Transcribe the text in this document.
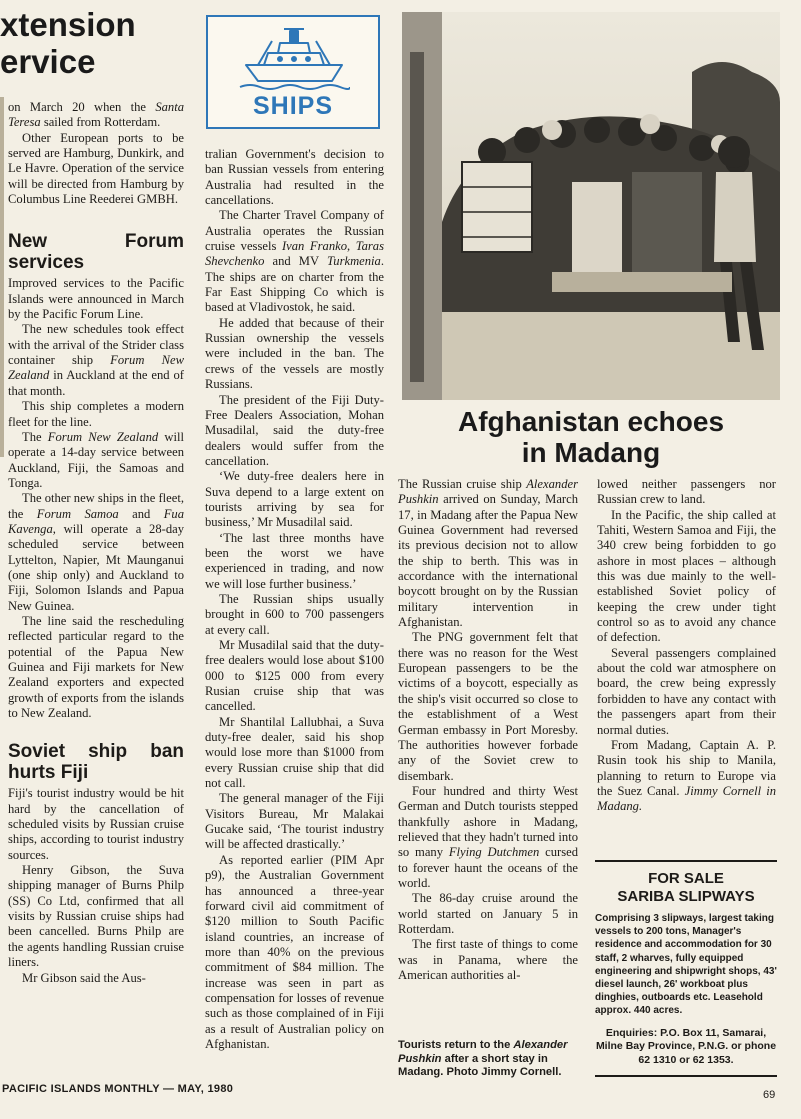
xtension
ervice
SHIPS
Afghanistan echoes
in Madang

on March 20 when the Santa Teresa sailed from Rotterdam.

Other European ports to be served are Hamburg, Dunkirk, and Le Havre. Operation of the service will be directed from Hamburg by Columbus Line Reederei GMBH.

New Forum services

Improved services to the Pacific Islands were announced in March by the Pacific Forum Line.

The new schedules took effect with the arrival of the Strider class container ship Forum New Zealand in Auckland at the end of that month.

This ship completes a modern fleet for the line.

The Forum New Zealand will operate a 14-day service between Auckland, Fiji, the Samoas and Tonga.

The other new ships in the fleet, the Forum Samoa and Fua Kavenga, will operate a 28-day scheduled service between Lyttelton, Napier, Mt Maunganui (one ship only) and Auckland to Fiji, Solomon Islands and Papua New Guinea.

The line said the rescheduling reflected particular regard to the potential of the Papua New Guinea and Fiji markets for New Zealand exporters and expected growth of exports from the islands to New Zealand.

Soviet ship ban hurts Fiji

Fiji's tourist industry would be hit hard by the cancellation of scheduled visits by Russian cruise ships, according to tourist industry sources.

Henry Gibson, the Suva shipping manager of Burns Philp (SS) Co Ltd, confirmed that all visits by Russian cruise ships had been cancelled. Burns Philp are the agents handling Russian cruise liners.

Mr Gibson said the Aus-

tralian Government's decision to ban Russian vessels from entering Australia had resulted in the cancellations.

The Charter Travel Company of Australia operates the Russian cruise vessels Ivan Franko, Taras Shevchenko and MV Turkmenia. The ships are on charter from the Far East Shipping Co which is based at Vladivostok, he said.

He added that because of their Russian ownership the vessels were included in the ban. The crews of the vessels are mostly Russians.

The president of the Fiji Duty-Free Dealers Association, Mohan Musadilal, said the duty-free dealers would suffer from the cancellation.

‘We duty-free dealers here in Suva depend to a large extent on tourists arriving by sea for business,’ Mr Musadilal said.

‘The last three months have been the worst we have experienced in trading, and now we will lose further business.’

The Russian ships usually brought in 600 to 700 passengers at every call.

Mr Musadilal said that the duty-free dealers would lose about $100 000 to $125 000 from every Rusian cruise ship that was cancelled.

Mr Shantilal Lallubhai, a Suva duty-free dealer, said his shop would lose more than $1000 from every Russian cruise ship that did not call.

The general manager of the Fiji Visitors Bureau, Mr Malakai Gucake said, ‘The tourist industry will be affected drastically.’

As reported earlier (PIM Apr p9), the Australian Government has announced a three-year forward civil aid commitment of $120 million to South Pacific island countries, an increase of more than 40% on the previous commitment of $84 million. The increase was seen in part as compensation for losses of revenue such as those complained of in Fiji as a result of Australian policy on Afghanistan.

The Russian cruise ship Alexander Pushkin arrived on Sunday, March 17, in Madang after the Papua New Guinea Government had reversed its previous decision not to allow the ship to berth. This was in accordance with the international boycott brought on by the Russian military intervention in Afghanistan.

The PNG government felt that there was no reason for the West European passengers to be the victims of a boycott, especially as the ship's visit occurred so close to the establishment of a West German embassy in Port Moresby. The authorities however forbade any of the Soviet crew to disembark.

Four hundred and thirty West German and Dutch tourists stepped thankfully ashore in Madang, relieved that they hadn't turned into so many Flying Dutchmen cursed to forever haunt the oceans of the world.

The 86-day cruise around the world started on January 5 in Rotterdam.

The first taste of things to come was in Panama, where the American authorities al-

lowed neither passengers nor Russian crew to land.

In the Pacific, the ship called at Tahiti, Western Samoa and Fiji, the 340 crew being forbidden to go ashore in most places – although this was due mainly to the well-established Soviet policy of keeping the crew under tight control so as to avoid any chance of defection.

Several passengers complained about the cold war atmosphere on board, the crew being expressly forbidden to have any contact with the passengers apart from their normal duties.

From Madang, Captain A. P. Rusin took his ship to Manila, planning to return to Europe via the Suez Canal. Jimmy Cornell in Madang.

Tourists return to the Alexander Pushkin after a short stay in Madang. Photo Jimmy Cornell.
FOR SALE
SARIBA SLIPWAYS

Comprising 3 slipways, largest taking vessels to 200 tons, Manager's residence and accommodation for 30 staff, 2 wharves, fully equipped engineering and shipwright shops, 43' diesel launch, 26' workboat plus dinghies, outboards etc. Leasehold approx. 440 acres.

Enquiries: P.O. Box 11, Samarai, Milne Bay Province, P.N.G. or phone 62 1310 or 62 1353.

PACIFIC ISLANDS MONTHLY — MAY, 1980	69
